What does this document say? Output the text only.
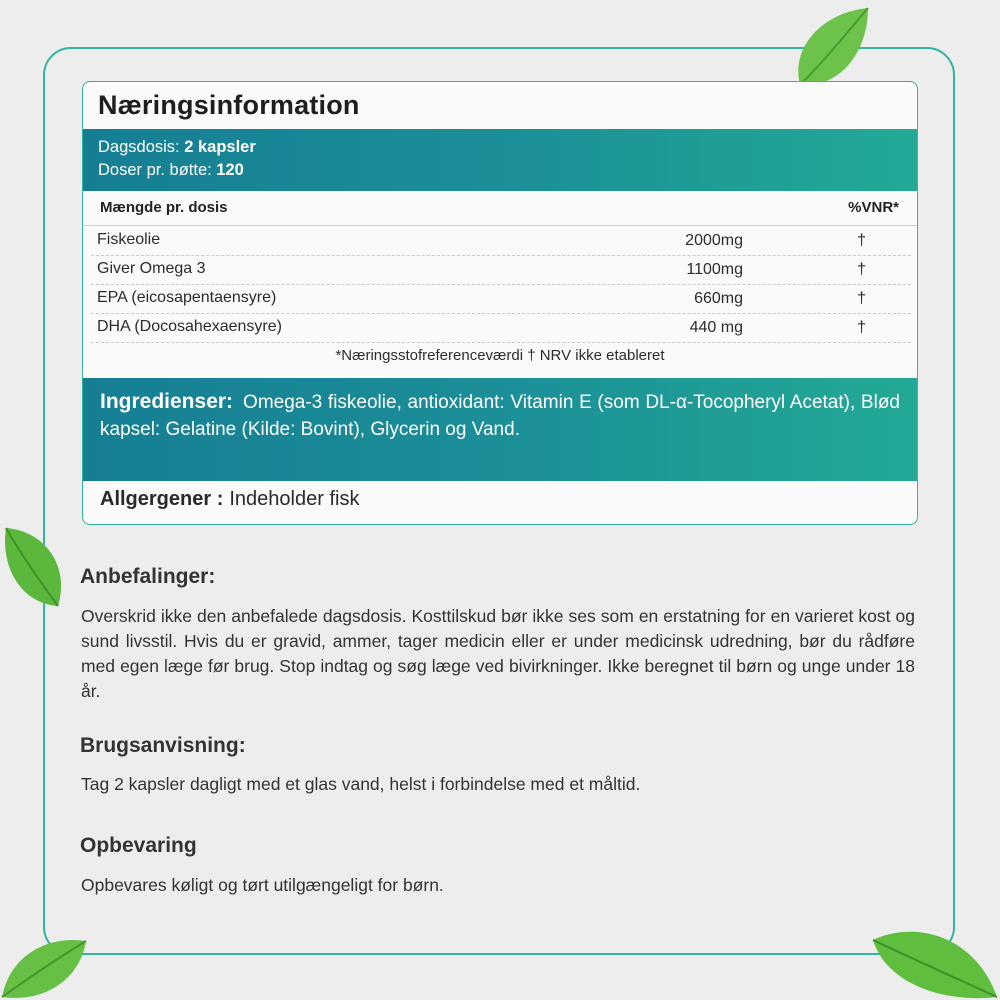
Næringsinformation
Dagsdosis: 2 kapsler
Doser pr. bøtte: 120
Mængde pr. dosis	%VNR*
Fiskeolie	2000mg	†
Giver Omega 3	1100mg	†
EPA (eicosapentaensyre)	660mg	†
DHA (Docosahexaensyre)	440 mg	†
*Næringsstofreferenceværdi † NRV ikke etableret
Ingredienser: Omega-3 fiskeolie, antioxidant: Vitamin E (som DL-α-Tocopheryl Acetat), Blød kapsel: Gelatine (Kilde: Bovint), Glycerin og Vand.
Allgergener : Indeholder fisk
Anbefalinger:
Overskrid ikke den anbefalede dagsdosis. Kosttilskud bør ikke ses som en erstatning for en varieret kost og sund livsstil. Hvis du er gravid, ammer, tager medicin eller er under medicinsk udredning, bør du rådføre med egen læge før brug. Stop indtag og søg læge ved bivirkninger. Ikke beregnet til børn og unge under 18 år.
Brugsanvisning:
Tag 2 kapsler dagligt med et glas vand, helst i forbindelse med et måltid.
Opbevaring
Opbevares køligt og tørt utilgængeligt for børn.
